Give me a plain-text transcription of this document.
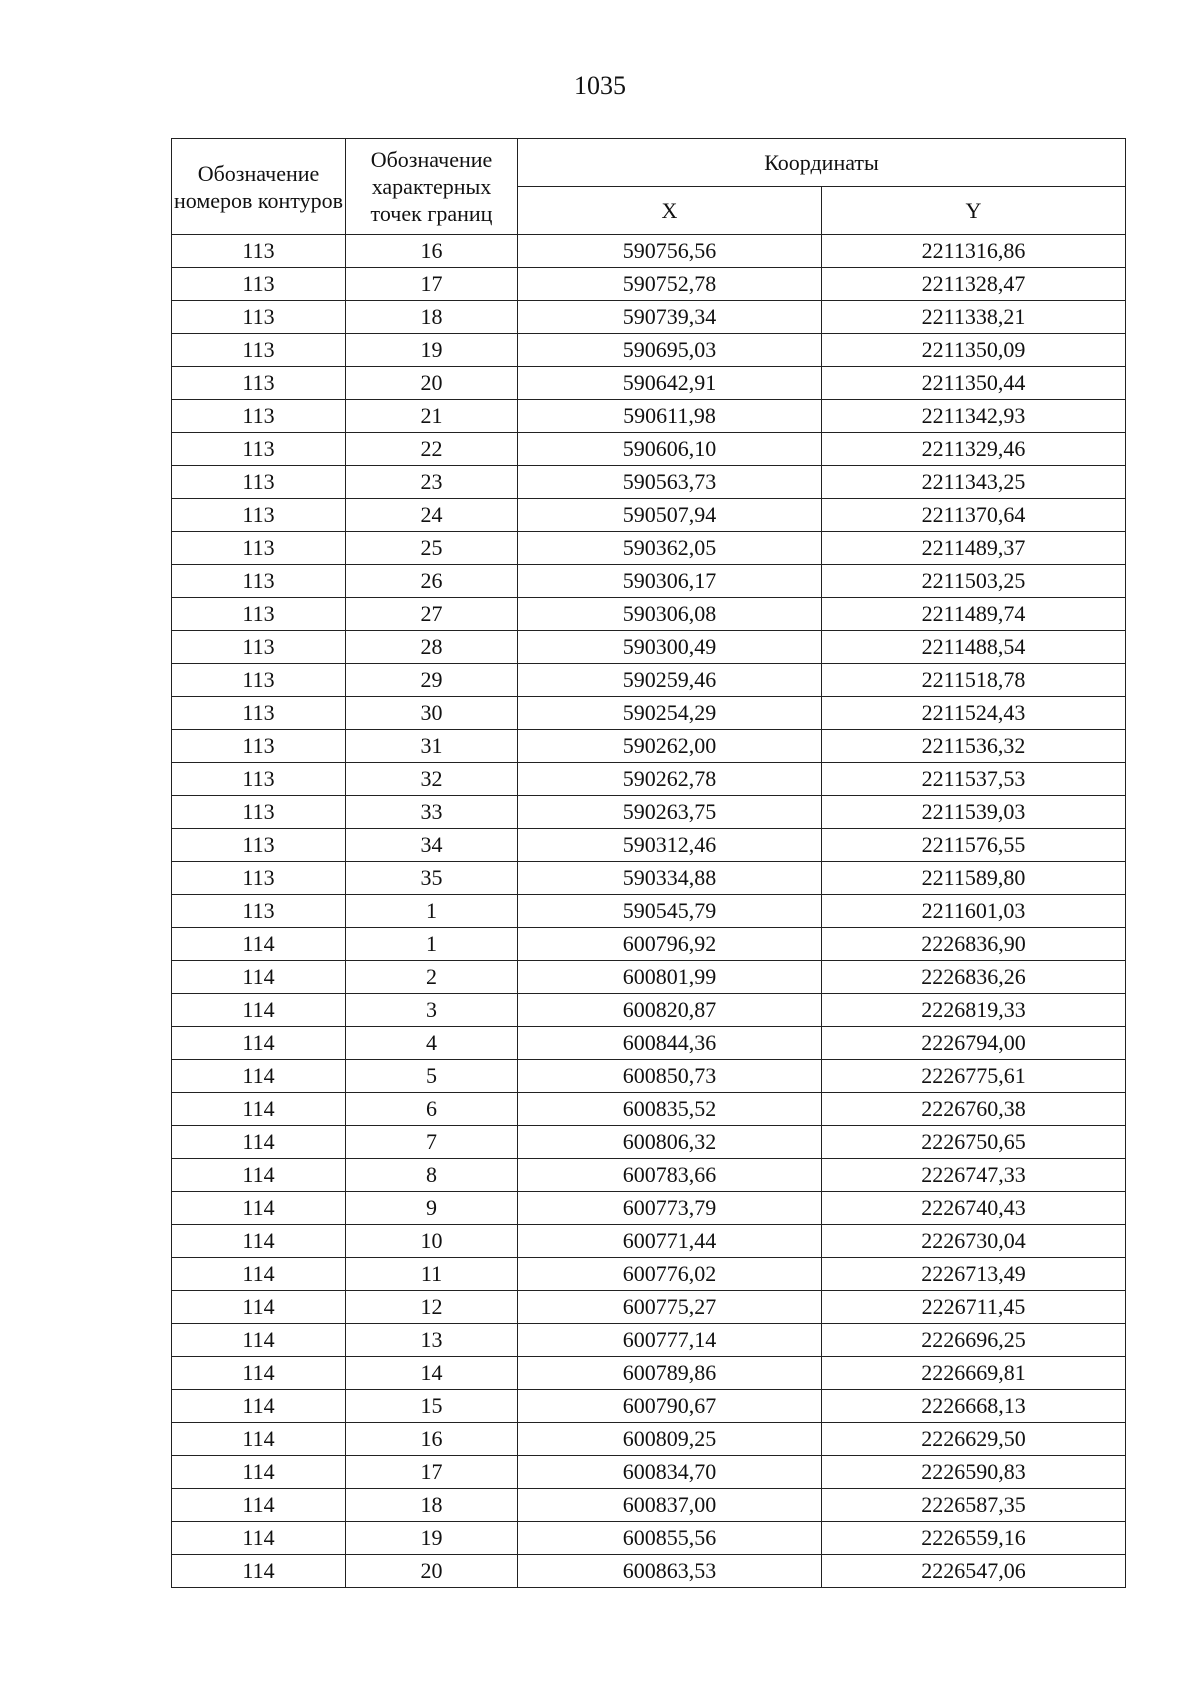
1035
Обозначение номеров контуров	Обозначение характерных точек границ	Координаты	
		X	Y
113	16	590756,56	2211316,86
113	17	590752,78	2211328,47
113	18	590739,34	2211338,21
113	19	590695,03	2211350,09
113	20	590642,91	2211350,44
113	21	590611,98	2211342,93
113	22	590606,10	2211329,46
113	23	590563,73	2211343,25
113	24	590507,94	2211370,64
113	25	590362,05	2211489,37
113	26	590306,17	2211503,25
113	27	590306,08	2211489,74
113	28	590300,49	2211488,54
113	29	590259,46	2211518,78
113	30	590254,29	2211524,43
113	31	590262,00	2211536,32
113	32	590262,78	2211537,53
113	33	590263,75	2211539,03
113	34	590312,46	2211576,55
113	35	590334,88	2211589,80
113	1	590545,79	2211601,03
114	1	600796,92	2226836,90
114	2	600801,99	2226836,26
114	3	600820,87	2226819,33
114	4	600844,36	2226794,00
114	5	600850,73	2226775,61
114	6	600835,52	2226760,38
114	7	600806,32	2226750,65
114	8	600783,66	2226747,33
114	9	600773,79	2226740,43
114	10	600771,44	2226730,04
114	11	600776,02	2226713,49
114	12	600775,27	2226711,45
114	13	600777,14	2226696,25
114	14	600789,86	2226669,81
114	15	600790,67	2226668,13
114	16	600809,25	2226629,50
114	17	600834,70	2226590,83
114	18	600837,00	2226587,35
114	19	600855,56	2226559,16
114	20	600863,53	2226547,06
